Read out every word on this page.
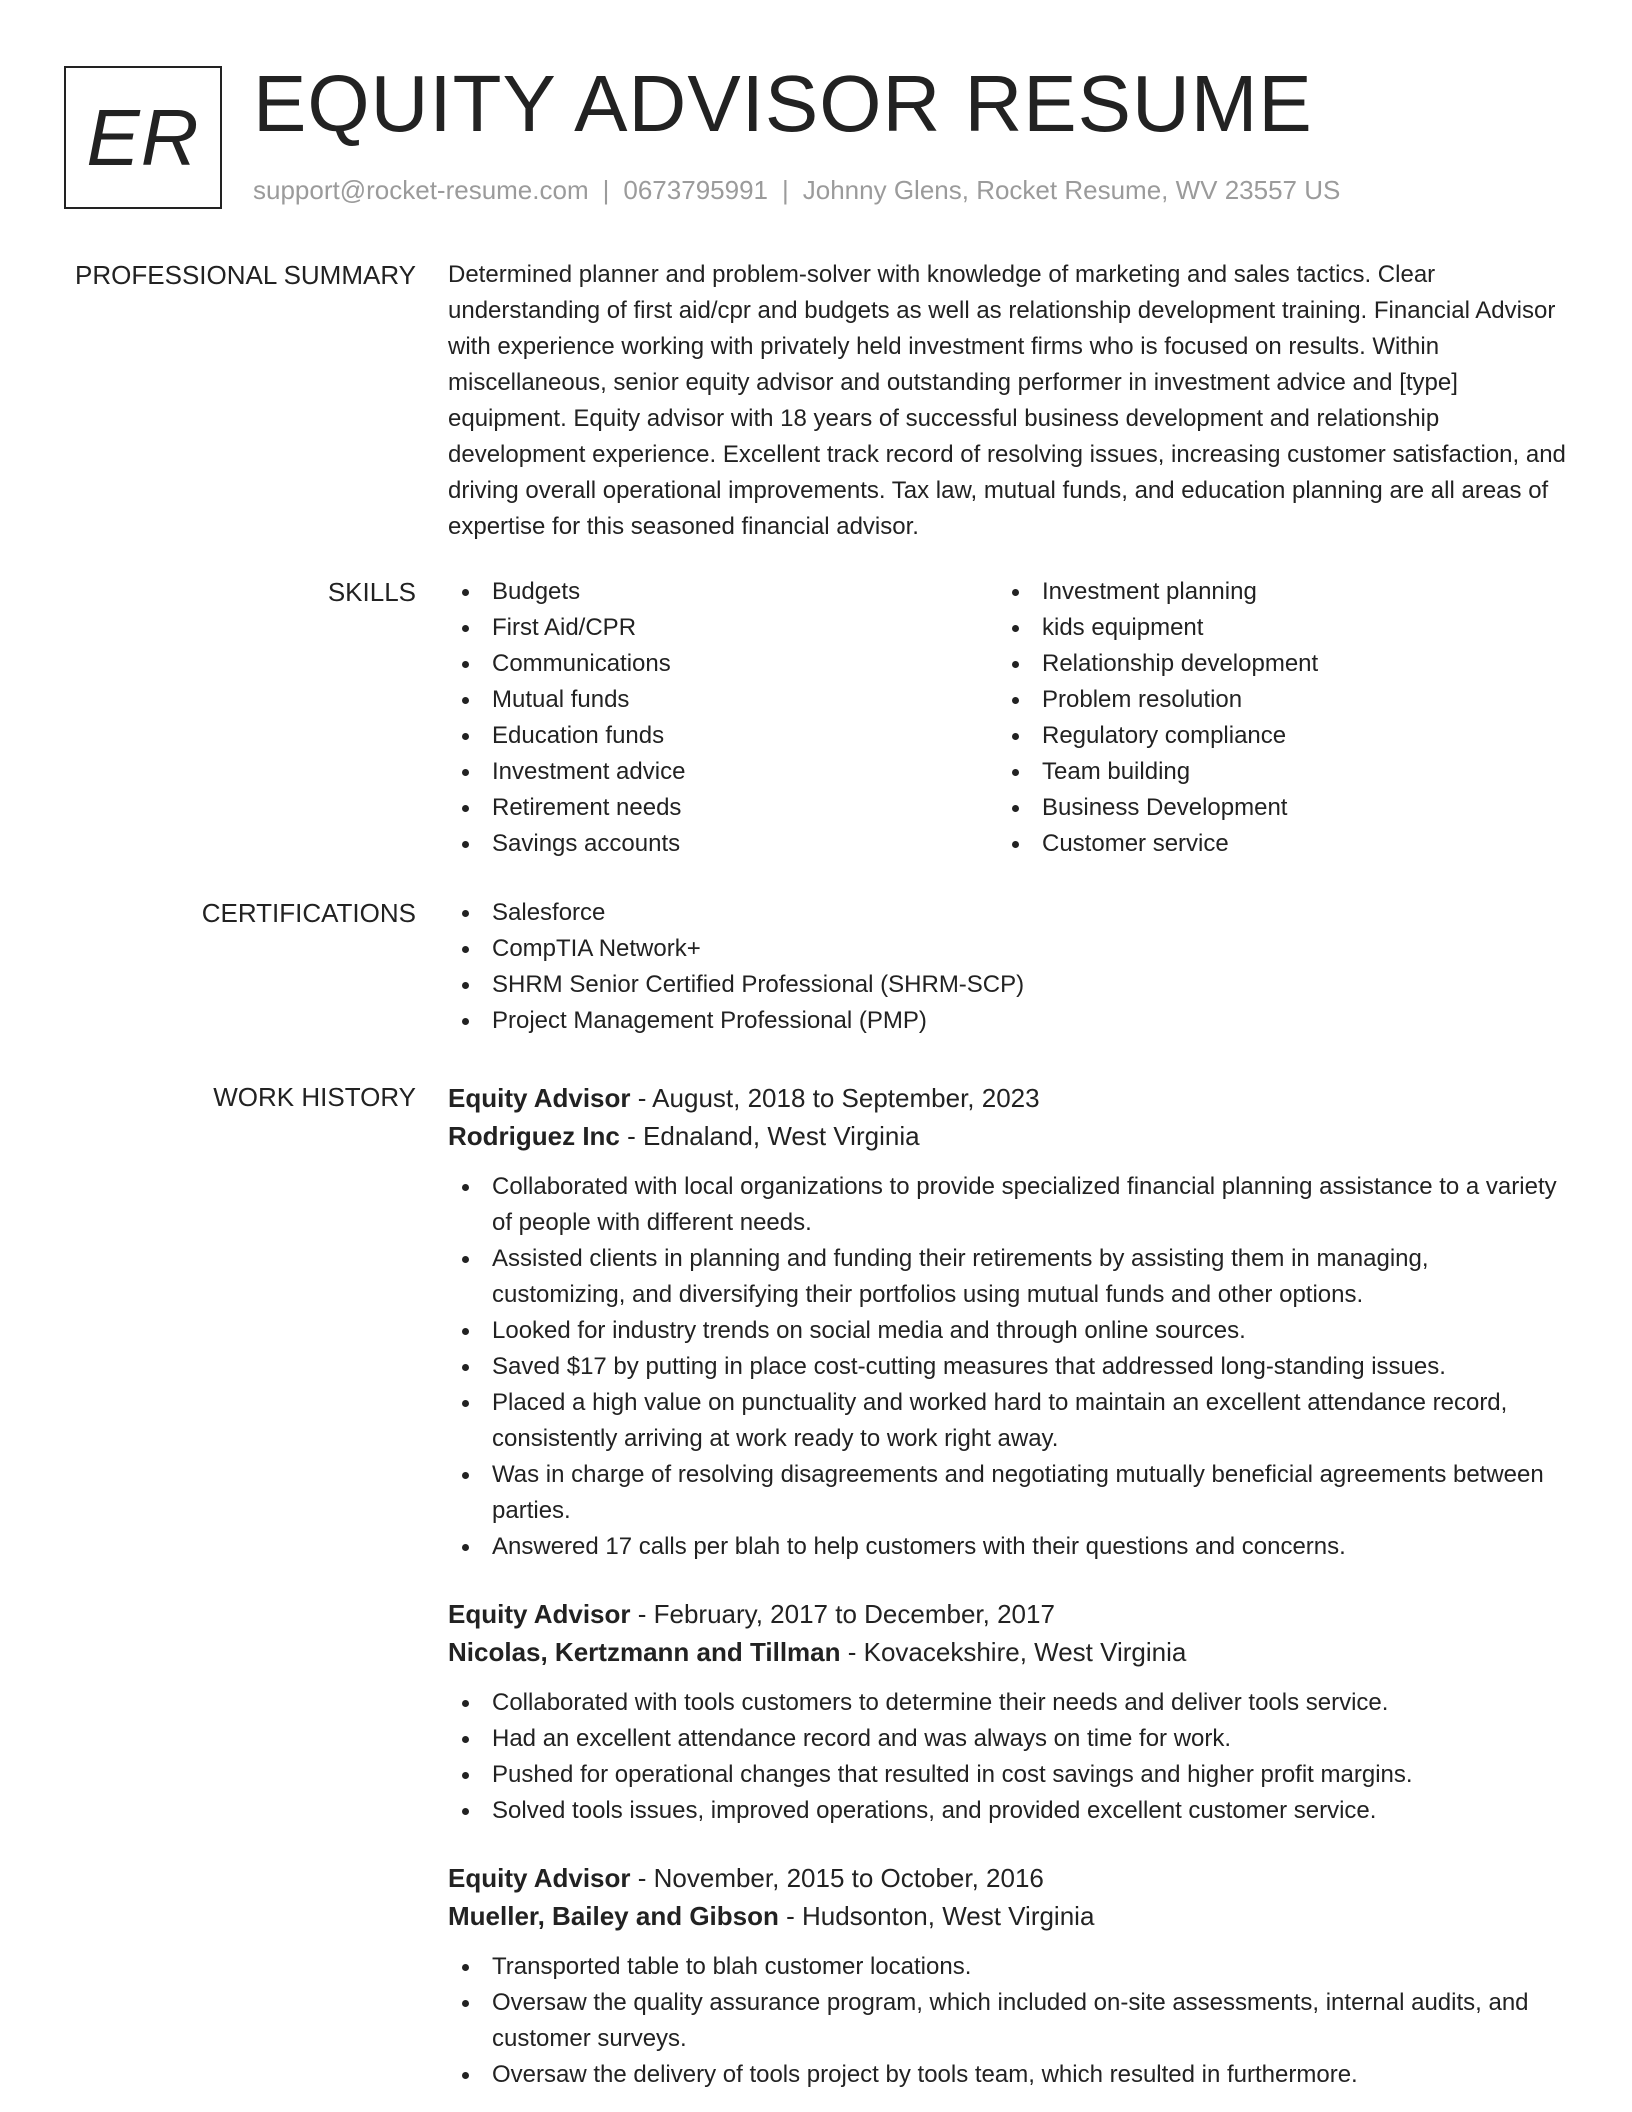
ER EQUITY ADVISOR RESUME
support@rocket-resume.com | 0673795991 | Johnny Glens, Rocket Resume, WV 23557 US
PROFESSIONAL SUMMARY Determined planner and problem-solver with knowledge of marketing and sales tactics. Clear understanding of first aid/cpr and budgets as well as relationship development training. Financial Advisor with experience working with privately held investment firms who is focused on results. Within miscellaneous, senior equity advisor and outstanding performer in investment advice and [type] equipment. Equity advisor with 18 years of successful business development and relationship development experience. Excellent track record of resolving issues, increasing customer satisfaction, and driving overall operational improvements. Tax law, mutual funds, and education planning are all areas of expertise for this seasoned financial advisor.

SKILLS	Budgets
First Aid/CPR
Communications
Mutual funds
Education funds
Investment advice
Retirement needs
Savings accounts
Investment planning
kids equipment
Relationship development
Problem resolution
Regulatory compliance
Team building
Business Development
Customer service
CERTIFICATIONS	Salesforce
CompTIA Network+
SHRM Senior Certified Professional (SHRM-SCP)
Project Management Professional (PMP)
WORK HISTORY Equity Advisor - August, 2018 to September, 2023
Rodriguez Inc - Ednaland, West Virginia
Collaborated with local organizations to provide specialized financial planning assistance to a variety of people with different needs.
Assisted clients in planning and funding their retirements by assisting them in managing, customizing, and diversifying their portfolios using mutual funds and other options.
Looked for industry trends on social media and through online sources.
Saved $17 by putting in place cost-cutting measures that addressed long-standing issues.
Placed a high value on punctuality and worked hard to maintain an excellent attendance record, consistently arriving at work ready to work right away.
Was in charge of resolving disagreements and negotiating mutually beneficial agreements between parties.
Answered 17 calls per blah to help customers with their questions and concerns.
Equity Advisor - February, 2017 to December, 2017
Nicolas, Kertzmann and Tillman - Kovacekshire, West Virginia
Collaborated with tools customers to determine their needs and deliver tools service.
Had an excellent attendance record and was always on time for work.
Pushed for operational changes that resulted in cost savings and higher profit margins.
Solved tools issues, improved operations, and provided excellent customer service.
Equity Advisor - November, 2015 to October, 2016
Mueller, Bailey and Gibson - Hudsonton, West Virginia
Transported table to blah customer locations.
Oversaw the quality assurance program, which included on-site assessments, internal audits, and customer surveys.
Oversaw the delivery of tools project by tools team, which resulted in furthermore.
